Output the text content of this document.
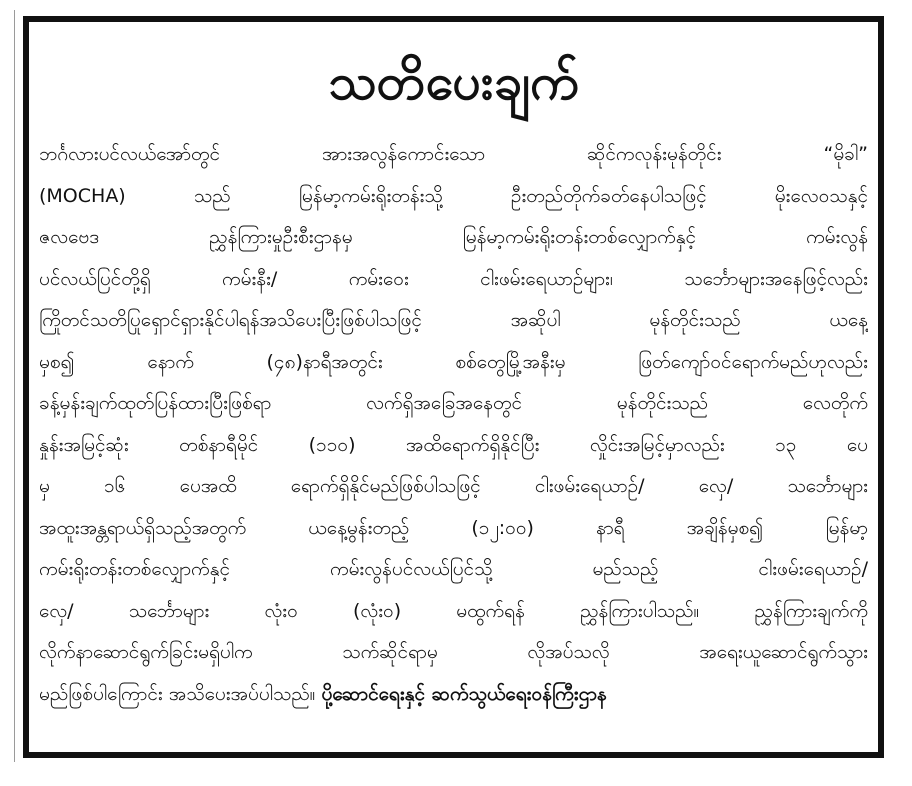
သတိပေးချက်
ဘင်္ဂလားပင်လယ်အော်တွင် အားအလွန်ကောင်းသော ဆိုင်ကလုန်းမုန်တိုင်း “မိုခါ”
(MOCHA) သည် မြန်မာ့ကမ်းရိုးတန်းသို့ ဦးတည်တိုက်ခတ်နေပါသဖြင့် မိုးလေဝသနှင့်
ဇလဗေဒ ညွှန်ကြားမှုဦးစီးဌာနမှ မြန်မာ့ကမ်းရိုးတန်းတစ်လျှောက်နှင့် ကမ်းလွန်
ပင်လယ်ပြင်တို့ရှိ ကမ်းနီး/ ကမ်းဝေး ငါးဖမ်းရေယာဉ်များ၊ သင်္ဘောများအနေဖြင့်လည်း
ကြိုတင်သတိပြုရှောင်ရှားနိုင်ပါရန်အသိပေးပြီးဖြစ်ပါသဖြင့် အဆိုပါ မုန်တိုင်းသည် ယနေ့
မှစ၍ နောက် (၄၈)နာရီအတွင်း စစ်တွေမြို့အနီးမှ ဖြတ်ကျော်ဝင်ရောက်မည်ဟုလည်း
ခန့်မှန်းချက်ထုတ်ပြန်ထားပြီးဖြစ်ရာ လက်ရှိအခြေအနေတွင် မုန်တိုင်းသည် လေတိုက်
နှုန်းအမြင့်ဆုံး တစ်နာရီမိုင် (၁၁၀) အထိရောက်ရှိနိုင်ပြီး လှိုင်းအမြင့်မှာလည်း ၁၃ ပေ
မှ ၁၆ ပေအထိ ရောက်ရှိနိုင်မည်ဖြစ်ပါသဖြင့် ငါးဖမ်းရေယာဉ်/ လှေ/ သင်္ဘောများ
အထူးအန္တရာယ်ရှိသည့်အတွက် ယနေ့မွန်းတည့် (၁၂:၀၀) နာရီ အချိန်မှစ၍ မြန်မာ့
ကမ်းရိုးတန်းတစ်လျှောက်နှင့် ကမ်းလွန်ပင်လယ်ပြင်သို့ မည်သည့် ငါးဖမ်းရေယာဉ်/
လှေ/ သင်္ဘောများ လုံးဝ (လုံးဝ) မထွက်ရန် ညွှန်ကြားပါသည်။ ညွှန်ကြားချက်ကို
လိုက်နာဆောင်ရွက်ခြင်းမရှိပါက သက်ဆိုင်ရာမှ လိုအပ်သလို အရေးယူဆောင်ရွက်သွား
မည်ဖြစ်ပါကြောင်း အသိပေးအပ်ပါသည်။ ပို့ဆောင်ရေးနှင့် ဆက်သွယ်ရေးဝန်ကြီးဌာန
